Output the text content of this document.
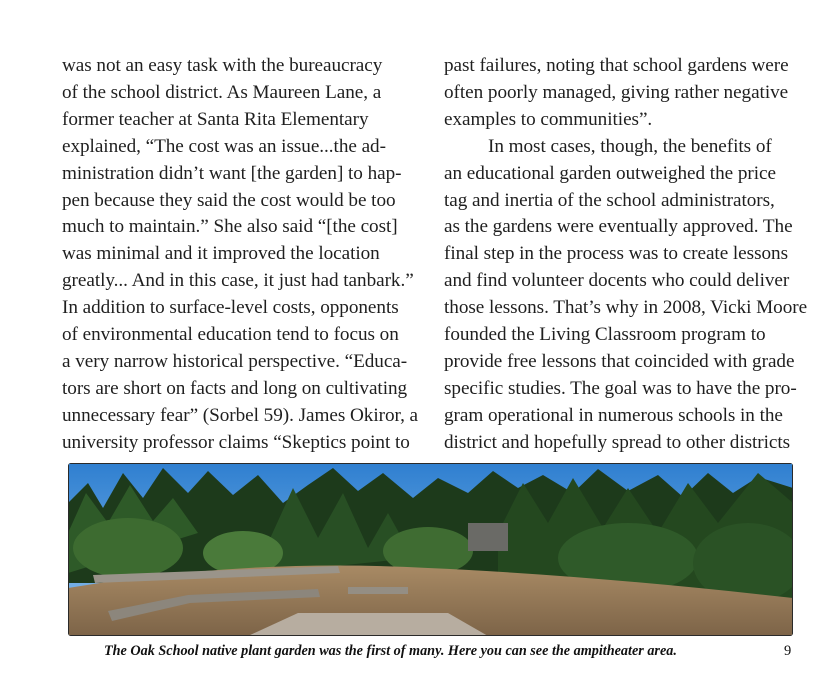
was not an easy task with the bureaucracy
of the school district. As Maureen Lane, a
former teacher at Santa Rita Elementary
explained, “The cost was an issue...the ad-
ministration didn’t want [the garden] to hap-
pen because they said the cost would be too
much to maintain.” She also said “[the cost]
was minimal and it improved the location
greatly... And in this case, it just had tanbark.”
In addition to surface-level costs, opponents
of environmental education tend to focus on
a very narrow historical perspective. “Educa-
tors are short on facts and long on cultivating
unnecessary fear” (Sorbel 59). James Okiror, a
university professor claims “Skeptics point to
past failures, noting that school gardens were
often poorly managed, giving rather negative
examples to communities”.
In most cases, though, the benefits of
an educational garden outweighed the price
tag and inertia of the school administrators,
as the gardens were eventually approved. The
final step in the process was to create lessons
and find volunteer docents who could deliver
those lessons. That’s why in 2008, Vicki Moore
founded the Living Classroom program to
provide free lessons that coincided with grade
specific studies. The goal was to have the pro-
gram operational in numerous schools in the
district and hopefully spread to other districts
The Oak School native plant garden was the first of many. Here you can see the ampitheater area.	9
